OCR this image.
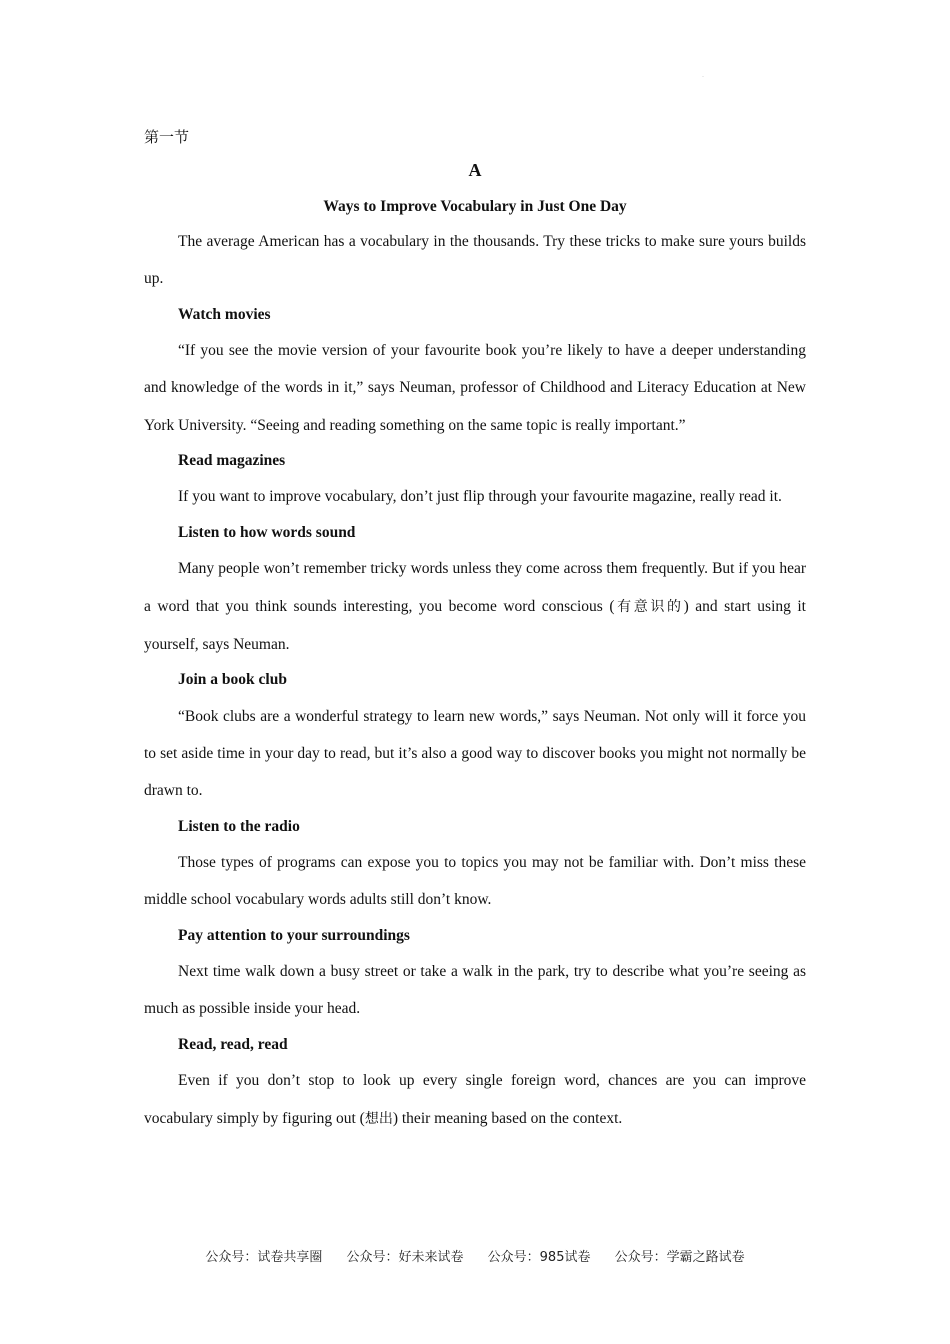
·
第一节
A
Ways to Improve Vocabulary in Just One Day

The average American has a vocabulary in the thousands. Try these tricks to make sure yours builds up.

Watch movies

“If you see the movie version of your favourite book you’re likely to have a deeper understanding and knowledge of the words in it,” says Neuman, professor of Childhood and Literacy Education at New York University. “Seeing and reading something on the same topic is really important.”

Read magazines

If you want to improve vocabulary, don’t just flip through your favourite magazine, really read it.

Listen to how words sound

Many people won’t remember tricky words unless they come across them frequently. But if you hear a word that you think sounds interesting, you become word conscious (有意识的) and start using it yourself, says Neuman.

Join a book club

“Book clubs are a wonderful strategy to learn new words,” says Neuman. Not only will it force you to set aside time in your day to read, but it’s also a good way to discover books you might not normally be drawn to.

Listen to the radio

Those types of programs can expose you to topics you may not be familiar with. Don’t miss these middle school vocabulary words adults still don’t know.

Pay attention to your surroundings

Next time walk down a busy street or take a walk in the park, try to describe what you’re seeing as much as possible inside your head.

Read, read, read

Even if you don’t stop to look up every single foreign word, chances are you can improve vocabulary simply by figuring out (想出) their meaning based on the context.

公众号：试卷共享圈 公众号：好未来试卷 公众号：985试卷 公众号：学霸之路试卷
